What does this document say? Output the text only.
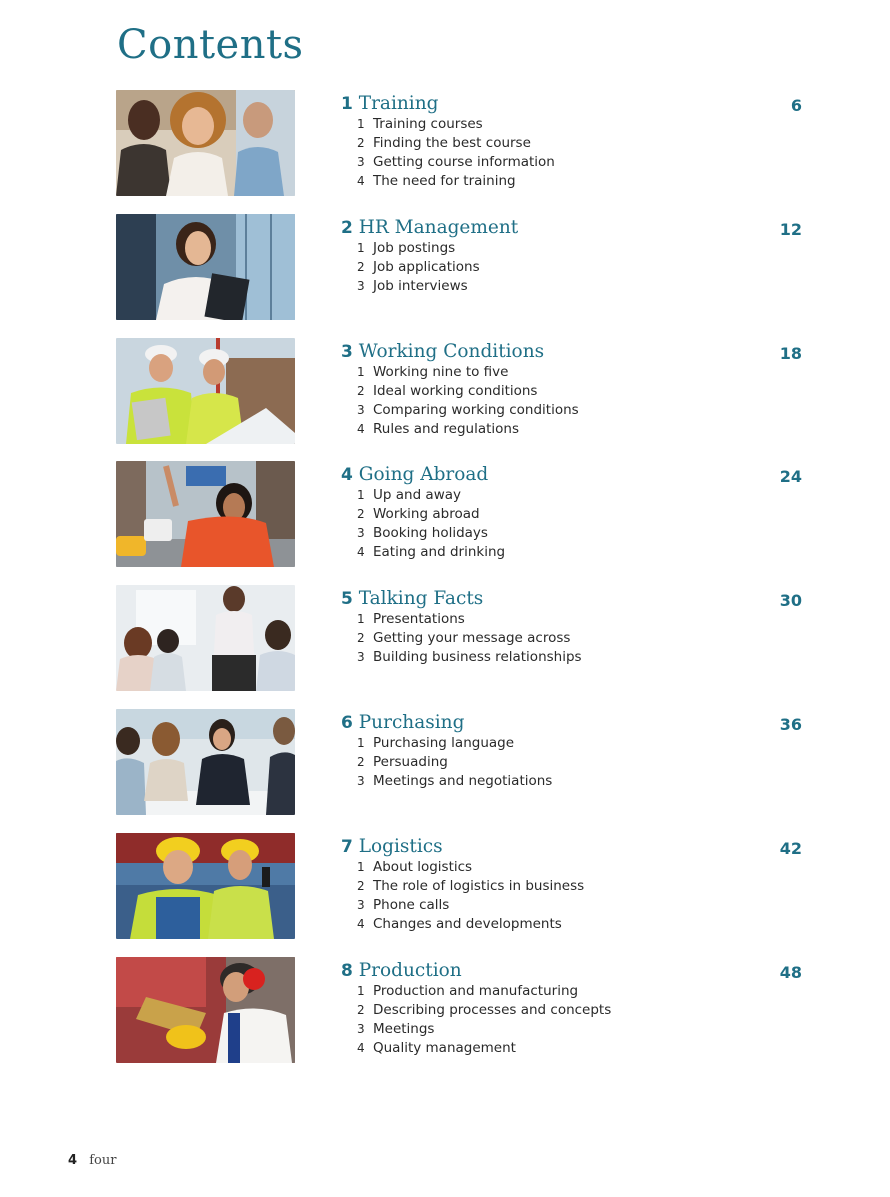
Contents
1 Training	6
1 Training courses
2 Finding the best course
3 Getting course information
4 The need for training
2 HR Management	12
1 Job postings
2 Job applications
3 Job interviews
3 Working Conditions	18
1 Working nine to five
2 Ideal working conditions
3 Comparing working conditions
4 Rules and regulations
4 Going Abroad	24
1 Up and away
2 Working abroad
3 Booking holidays
4 Eating and drinking
5 Talking Facts	30
1 Presentations
2 Getting your message across
3 Building business relationships
6 Purchasing	36
1 Purchasing language
2 Persuading
3 Meetings and negotiations
7 Logistics	42
1 About logistics
2 The role of logistics in business
3 Phone calls
4 Changes and developments
8 Production	48
1 Production and manufacturing
2 Describing processes and concepts
3 Meetings
4 Quality management
4 four
